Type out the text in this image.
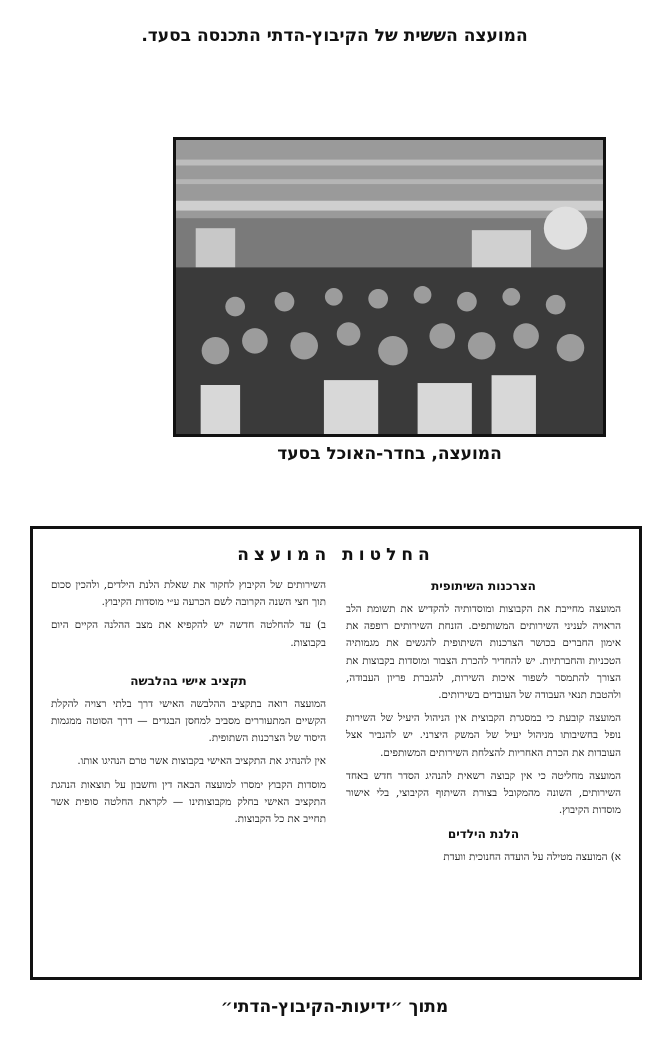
המועצה הששית של הקיבוץ-הדתי התכנסה בסעד.
המועצה, בחדר-האוכל בסעד
החלטות המועצה
הצרכנות השיתופית

המועצה מחייבת את הקבוצות ומוסדותיה להקדיש את תשומת הלב הראויה לעניני השירותים המשותפים. הזנחת השירותים רופפה את אימון החברים בכושר הצרכנות השיתופית להגשים את מגמותיה הטכניות והחברתיות. יש להחדיר להכרת הצבור ומוסדות בקבוצות את הצורך להתמסר לשפור איכות השירות, להגברת פריון העבודה, ולהטבת תנאי העבודה של העובדים בשירותים.

המועצה קובעת כי במסגרת הקבוצית אין הניהול היעיל של השירות נופל בחשיבותו מניהול יעיל של המשק היצרני. יש להגביר אצל העובדות את הכרת האחריות להצלחת השירותים המשותפים.

המועצה מחליטה כי אין קבוצה רשאית להנהיג הסדר חדש באחד השירותים, השונה מהמקובל בצורת השיתוף הקיבוצי, בלי אישור מוסדות הקיבוץ.

הלנת הילדים

א) המועצה מטילה על הועדה החנוכית וועדת

השירותים של הקיבוץ לחקור את שאלת הלנת הילדים, ולהכין סכום תוך חצי השנה הקרובה לשם הכרעה ע״י מוסדות הקיבוץ.

ב) עד להחלטה חדשה יש להקפיא את מצב ההלנה הקיים היום בקבוצות.

תקציב אישי בהלבשה

המועצה רואה בתקציב ההלבשה האישי דרך בלתי רצויה להקלת הקשיים המתעוררים מסביב למחסן הבגדים — דרך הסוטה ממגמות היסוד של הצרכנות השתופית.

אין להנהיג את התקציב האישי בקבוצות אשר טרם הנהיגו אותו.

מוסדות הקבוץ ימסרו למועצה הבאה דין וחשבון על תוצאות הנהגת התקציב האישי בחלק מקבוצותינו — לקראת החלטה סופית אשר תחייב את כל הקבוצות.

מתוך ״ידיעות-הקיבוץ-הדתי״
